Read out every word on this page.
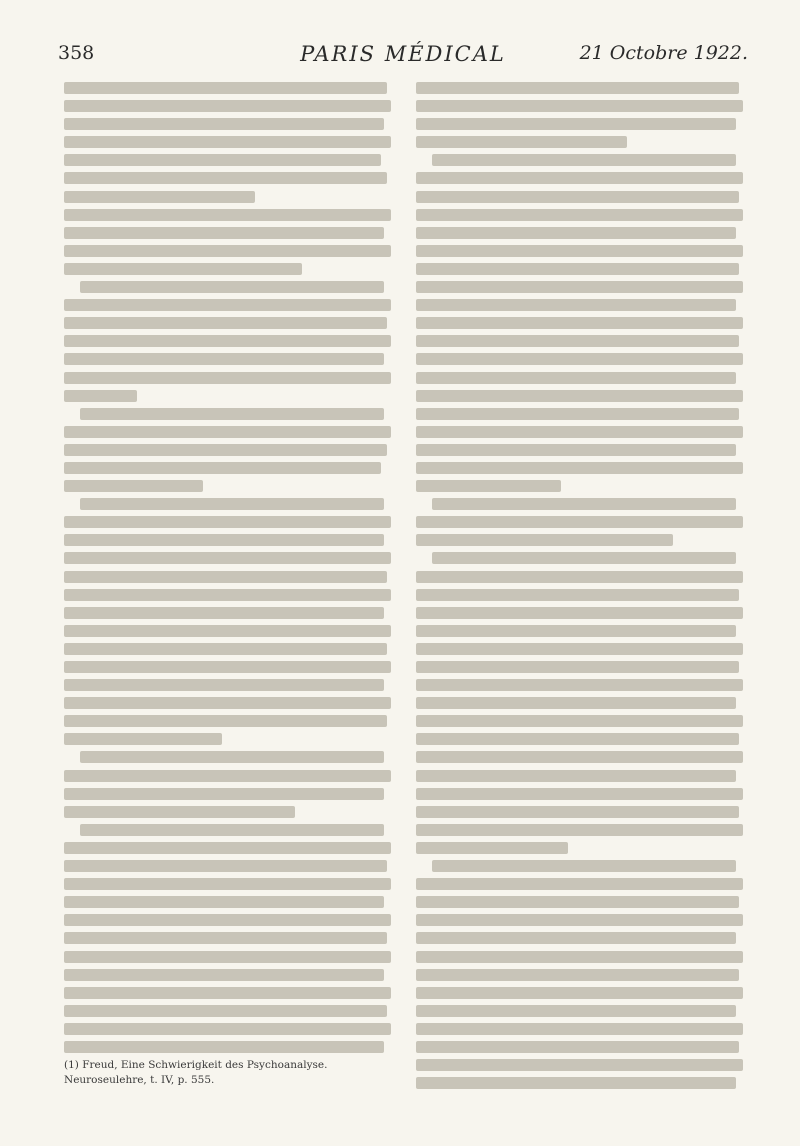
358	PARIS MÉDICAL	21 Octobre 1922.
(1) Freud, Eine Schwierigkeit des Psychoanalyse. Neuroseulehre, t. IV, p. 555.
